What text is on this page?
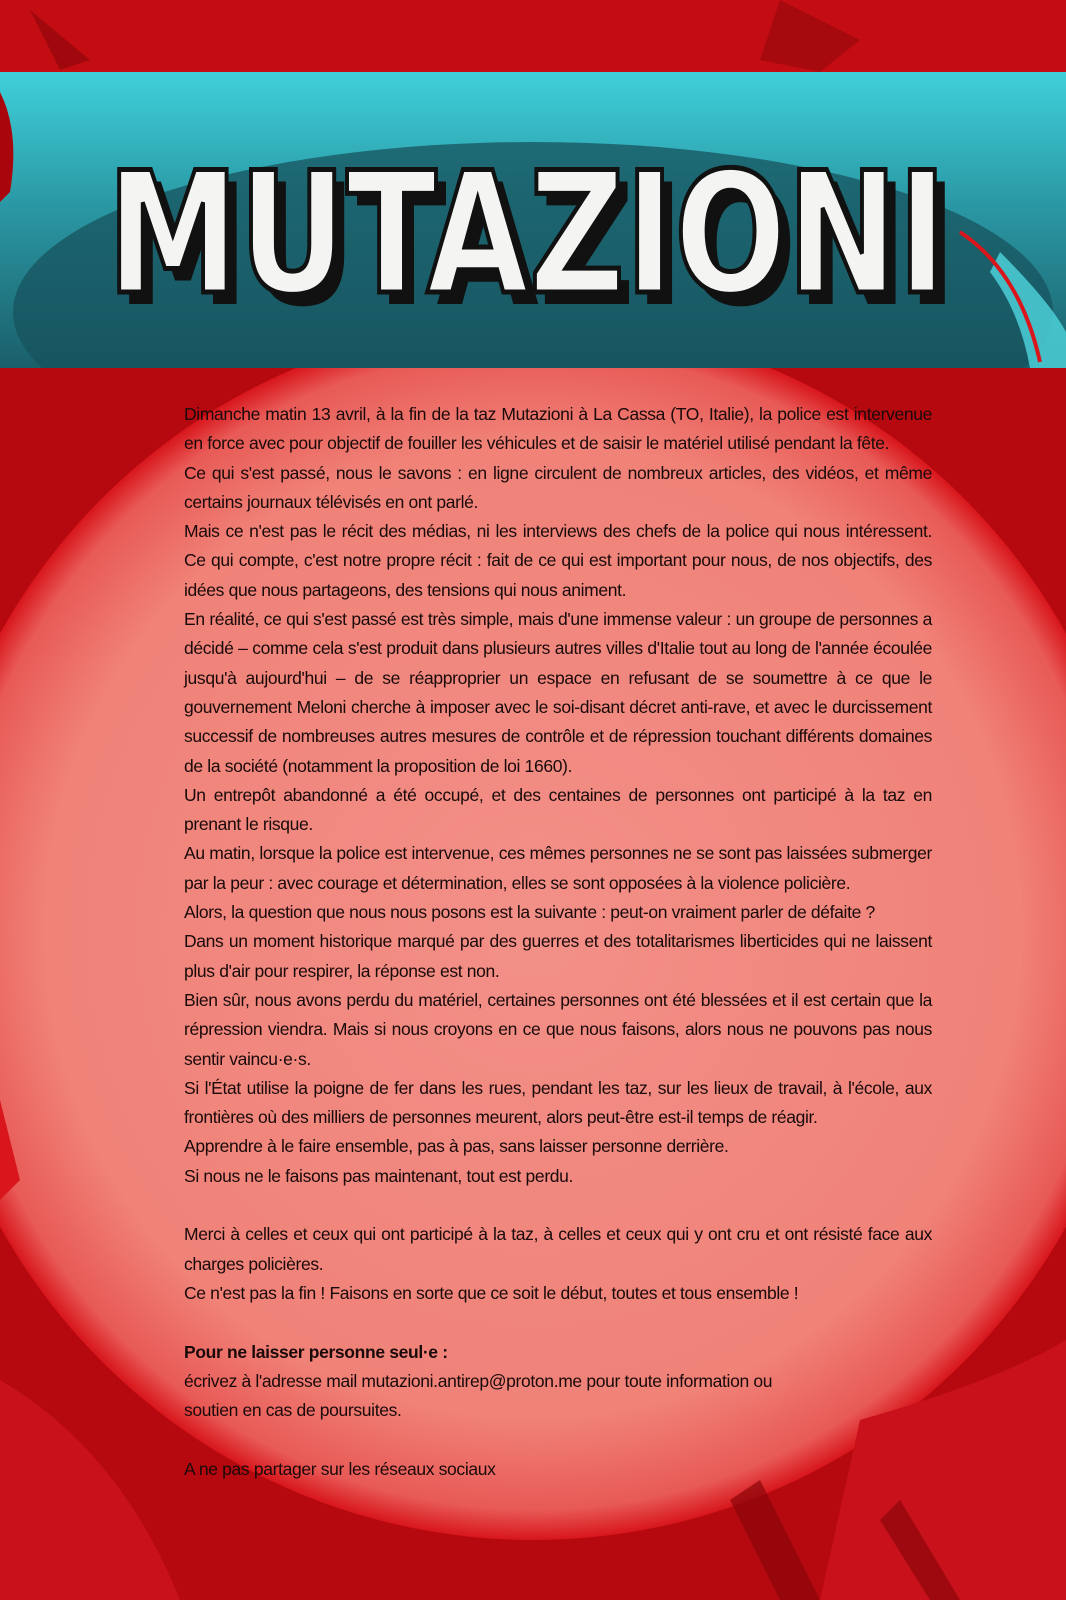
MUTAZIONI
MUTAZIONI

Dimanche matin 13 avril, à la fin de la taz Mutazioni à La Cassa (TO, Italie), la police est intervenue en force avec pour objectif de fouiller les véhicules et de saisir le matériel utilisé pendant la fête.

Ce qui s'est passé, nous le savons : en ligne circulent de nombreux articles, des vidéos, et même certains journaux télévisés en ont parlé.

Mais ce n'est pas le récit des médias, ni les interviews des chefs de la police qui nous intéressent. Ce qui compte, c'est notre propre récit : fait de ce qui est important pour nous, de nos objectifs, des idées que nous partageons, des tensions qui nous animent.

En réalité, ce qui s'est passé est très simple, mais d'une immense valeur : un groupe de personnes a décidé – comme cela s'est produit dans plusieurs autres villes d'Italie tout au long de l'année écoulée jusqu'à aujourd'hui – de se réapproprier un espace en refusant de se soumettre à ce que le gouvernement Meloni cherche à imposer avec le soi-disant décret anti-rave, et avec le durcissement successif de nombreuses autres mesures de contrôle et de répression touchant différents domaines de la société (notamment la proposition de loi 1660).

Un entrepôt abandonné a été occupé, et des centaines de personnes ont participé à la taz en prenant le risque.

Au matin, lorsque la police est intervenue, ces mêmes personnes ne se sont pas laissées submerger par la peur : avec courage et détermination, elles se sont opposées à la violence policière.

Alors, la question que nous nous posons est la suivante : peut-on vraiment parler de défaite ?

Dans un moment historique marqué par des guerres et des totalitarismes liberticides qui ne laissent plus d'air pour respirer, la réponse est non.

Bien sûr, nous avons perdu du matériel, certaines personnes ont été blessées et il est certain que la répression viendra. Mais si nous croyons en ce que nous faisons, alors nous ne pouvons pas nous sentir vaincu·e·s.

Si l'État utilise la poigne de fer dans les rues, pendant les taz, sur les lieux de travail, à l'école, aux frontières où des milliers de personnes meurent, alors peut-être est-il temps de réagir.

Apprendre à le faire ensemble, pas à pas, sans laisser personne derrière.

Si nous ne le faisons pas maintenant, tout est perdu.

Merci à celles et ceux qui ont participé à la taz, à celles et ceux qui y ont cru et ont résisté face aux charges policières.

Ce n'est pas la fin ! Faisons en sorte que ce soit le début, toutes et tous ensemble !

Pour ne laisser personne seul·e :

écrivez à l'adresse mail mutazioni.antirep@proton.me pour toute information ou

soutien en cas de poursuites.

A ne pas partager sur les réseaux sociaux
